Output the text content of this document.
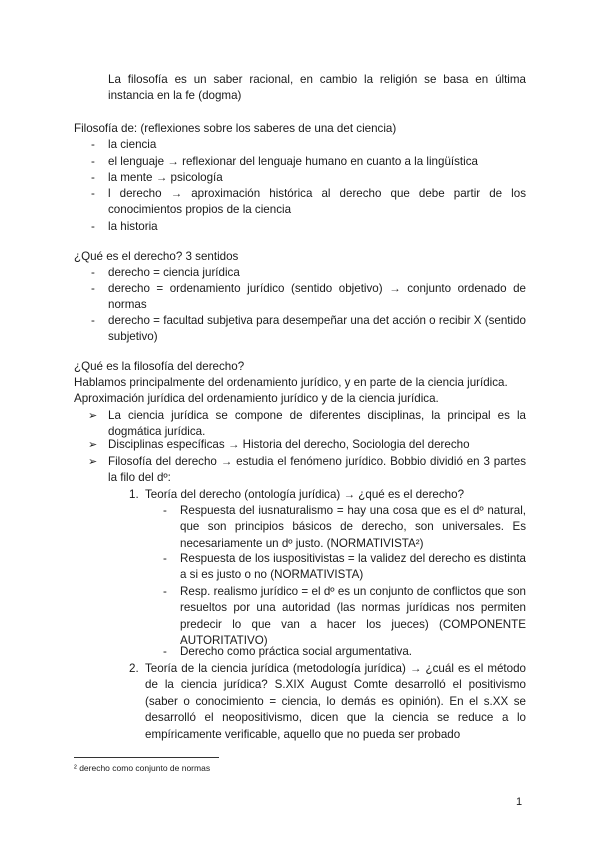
La filosofía es un saber racional, en cambio la religión se basa en última instancia en la fe (dogma)
Filosofía de: (reflexiones sobre los saberes de una det ciencia)
- la ciencia
- el lenguaje → reflexionar del lenguaje humano en cuanto a la lingüística
- la mente → psicología
- l derecho → aproximación histórica al derecho que debe partir de los conocimientos propios de la ciencia
- la historia
¿Qué es el derecho? 3 sentidos
- derecho = ciencia jurídica
- derecho = ordenamiento jurídico (sentido objetivo) → conjunto ordenado de normas
- derecho = facultad subjetiva para desempeñar una det acción o recibir X (sentido subjetivo)
¿Qué es la filosofía del derecho?
Hablamos principalmente del ordenamiento jurídico, y en parte de la ciencia jurídica.
Aproximación jurídica del ordenamiento jurídico y de la ciencia jurídica.
➢ La ciencia jurídica se compone de diferentes disciplinas, la principal es la dogmática jurídica.
➢ Disciplinas específicas → Historia del derecho, Sociologia del derecho
➢ Filosofía del derecho → estudia el fenómeno jurídico. Bobbio dividió en 3 partes la filo del dº:
1. Teoría del derecho (ontología jurídica) → ¿qué es el derecho?
- Respuesta del iusnaturalismo = hay una cosa que es el dº natural, que son principios básicos de derecho, son universales. Es necesariamente un dº justo. (NORMATIVISTA²)
- Respuesta de los iuspositivistas = la validez del derecho es distinta a si es justo o no (NORMATIVISTA)
- Resp. realismo jurídico = el dº es un conjunto de conflictos que son resueltos por una autoridad (las normas jurídicas nos permiten predecir lo que van a hacer los jueces) (COMPONENTE AUTORITATIVO)
- Derecho como práctica social argumentativa.
2. Teoría de la ciencia jurídica (metodología jurídica) → ¿cuál es el método de la ciencia jurídica? S.XIX August Comte desarrolló el positivismo (saber o conocimiento = ciencia, lo demás es opinión). En el s.XX se desarrolló el neopositivismo, dicen que la ciencia se reduce a lo empíricamente verificable, aquello que no pueda ser probado
² derecho como conjunto de normas
1
